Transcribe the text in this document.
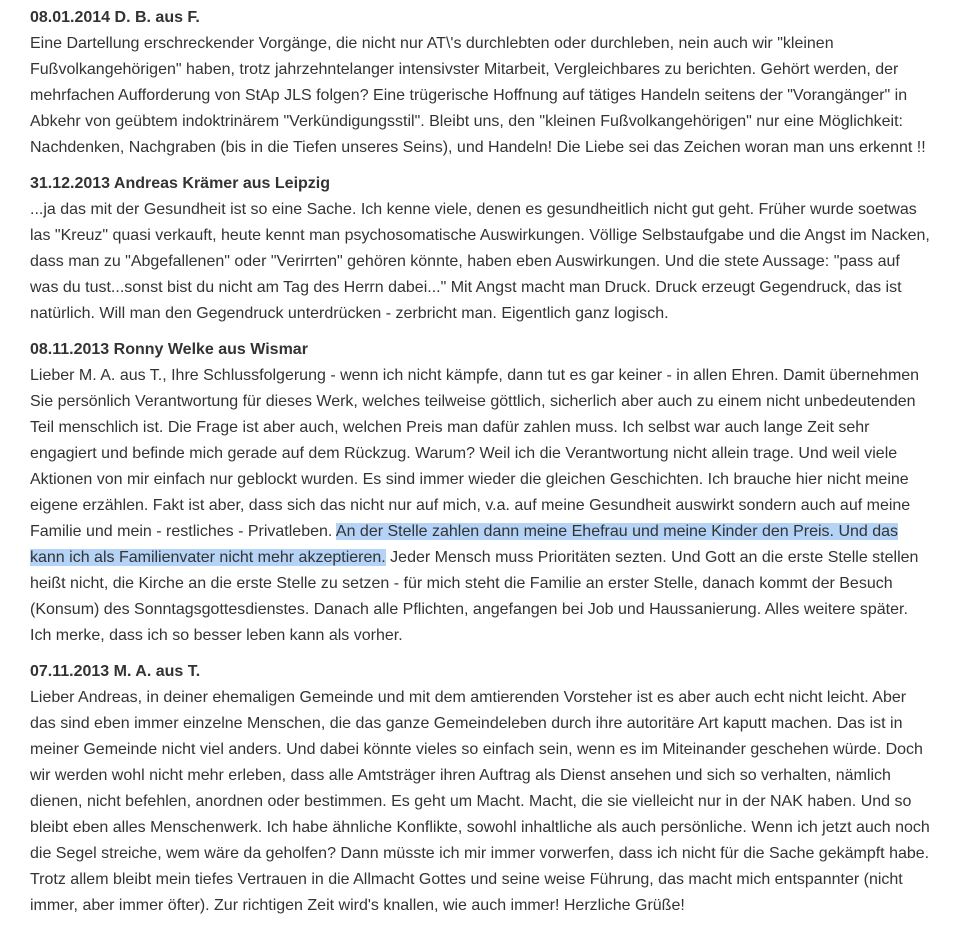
08.01.2014 D. B. aus F.

Eine Dartellung erschreckender Vorgänge, die nicht nur AT\'s durchlebten oder durchleben, nein auch wir "kleinen Fußvolkangehörigen" haben, trotz jahrzehntelanger intensivster Mitarbeit, Vergleichbares zu berichten. Gehört werden, der mehrfachen Aufforderung von StAp JLS folgen? Eine trügerische Hoffnung auf tätiges Handeln seitens der "Vorangänger" in Abkehr von geübtem indoktrinärem "Verkündigungsstil". Bleibt uns, den "kleinen Fußvolkangehörigen" nur eine Möglichkeit: Nachdenken, Nachgraben (bis in die Tiefen unseres Seins), und Handeln! Die Liebe sei das Zeichen woran man uns erkennt !!

31.12.2013 Andreas Krämer aus Leipzig

...ja das mit der Gesundheit ist so eine Sache. Ich kenne viele, denen es gesundheitlich nicht gut geht. Früher wurde soetwas las "Kreuz" quasi verkauft, heute kennt man psychosomatische Auswirkungen. Völlige Selbstaufgabe und die Angst im Nacken, dass man zu "Abgefallenen" oder "Verirrten" gehören könnte, haben eben Auswirkungen. Und die stete Aussage: "pass auf was du tust...sonst bist du nicht am Tag des Herrn dabei..." Mit Angst macht man Druck. Druck erzeugt Gegendruck, das ist natürlich. Will man den Gegendruck unterdrücken - zerbricht man. Eigentlich ganz logisch.

08.11.2013 Ronny Welke aus Wismar

Lieber M. A. aus T., Ihre Schlussfolgerung - wenn ich nicht kämpfe, dann tut es gar keiner - in allen Ehren. Damit übernehmen Sie persönlich Verantwortung für dieses Werk, welches teilweise göttlich, sicherlich aber auch zu einem nicht unbedeutenden Teil menschlich ist. Die Frage ist aber auch, welchen Preis man dafür zahlen muss. Ich selbst war auch lange Zeit sehr engagiert und befinde mich gerade auf dem Rückzug. Warum? Weil ich die Verantwortung nicht allein trage. Und weil viele Aktionen von mir einfach nur geblockt wurden. Es sind immer wieder die gleichen Geschichten. Ich brauche hier nicht meine eigene erzählen. Fakt ist aber, dass sich das nicht nur auf mich, v.a. auf meine Gesundheit auswirkt sondern auch auf meine Familie und mein - restliches - Privatleben. An der Stelle zahlen dann meine Ehefrau und meine Kinder den Preis. Und das kann ich als Familienvater nicht mehr akzeptieren. Jeder Mensch muss Prioritäten sezten. Und Gott an die erste Stelle stellen heißt nicht, die Kirche an die erste Stelle zu setzen - für mich steht die Familie an erster Stelle, danach kommt der Besuch (Konsum) des Sonntagsgottesdienstes. Danach alle Pflichten, angefangen bei Job und Haussanierung. Alles weitere später. Ich merke, dass ich so besser leben kann als vorher.

07.11.2013 M. A. aus T.

Lieber Andreas, in deiner ehemaligen Gemeinde und mit dem amtierenden Vorsteher ist es aber auch echt nicht leicht. Aber das sind eben immer einzelne Menschen, die das ganze Gemeindeleben durch ihre autoritäre Art kaputt machen. Das ist in meiner Gemeinde nicht viel anders. Und dabei könnte vieles so einfach sein, wenn es im Miteinander geschehen würde. Doch wir werden wohl nicht mehr erleben, dass alle Amtsträger ihren Auftrag als Dienst ansehen und sich so verhalten, nämlich dienen, nicht befehlen, anordnen oder bestimmen. Es geht um Macht. Macht, die sie vielleicht nur in der NAK haben. Und so bleibt eben alles Menschenwerk. Ich habe ähnliche Konflikte, sowohl inhaltliche als auch persönliche. Wenn ich jetzt auch noch die Segel streiche, wem wäre da geholfen? Dann müsste ich mir immer vorwerfen, dass ich nicht für die Sache gekämpft habe. Trotz allem bleibt mein tiefes Vertrauen in die Allmacht Gottes und seine weise Führung, das macht mich entspannter (nicht immer, aber immer öfter). Zur richtigen Zeit wird's knallen, wie auch immer! Herzliche Grüße!
